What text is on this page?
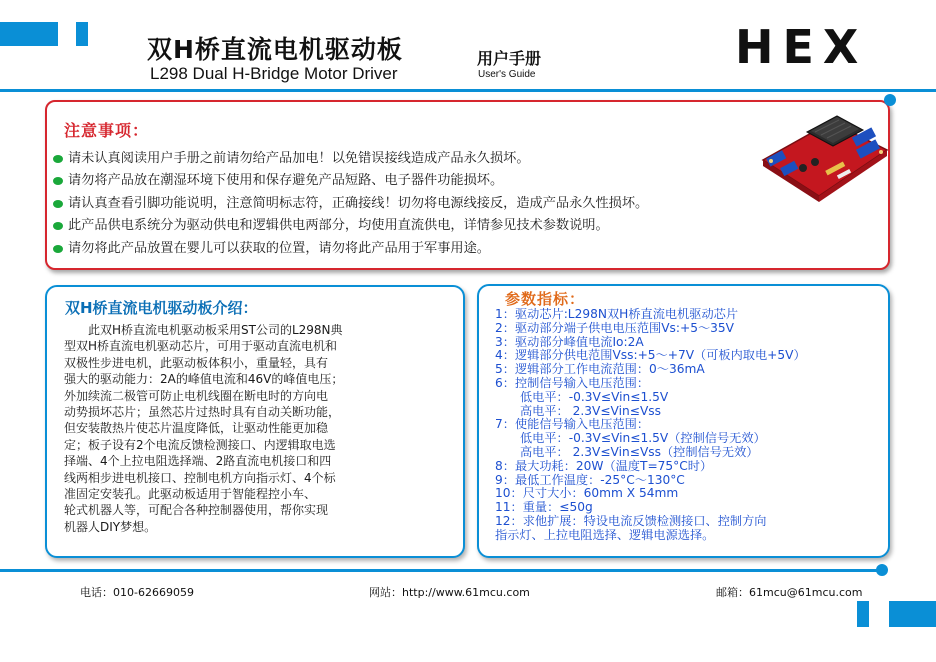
双H桥直流电机驱动板
L298 Dual H-Bridge Motor Driver
用户手册
User's Guide
HEX
注意事项：
请未认真阅读用户手册之前请勿给产品加电！以免错误接线造成产品永久损坏。
请勿将产品放在潮湿环境下使用和保存避免产品短路、电子器件功能损坏。
请认真查看引脚功能说明，注意简明标志符，正确接线！切勿将电源线接反，造成产品永久性损坏。
此产品供电系统分为驱动供电和逻辑供电两部分，均使用直流供电，详情参见技术参数说明。
请勿将此产品放置在婴儿可以获取的位置，请勿将此产品用于军事用途。
双H桥直流电机驱动板介绍：
　　此双H桥直流电机驱动板采用ST公司的L298N典
型双H桥直流电机驱动芯片，可用于驱动直流电机和
双极性步进电机，此驱动板体积小，重量轻，具有
强大的驱动能力：2A的峰值电流和46V的峰值电压；
外加续流二极管可防止电机线圈在断电时的方向电
动势损坏芯片；虽然芯片过热时具有自动关断功能，
但安装散热片使芯片温度降低，让驱动性能更加稳
定；板子设有2个电流反馈检测接口、内逻辑取电选
择端、4个上拉电阻选择端、2路直流电机接口和四
线两相步进电机接口、控制电机方向指示灯、4个标
准固定安装孔。此驱动板适用于智能程控小车、
轮式机器人等，可配合各种控制器使用，帮你实现
机器人DIY梦想。
参数指标：
1：驱动芯片:L298N双H桥直流电机驱动芯片
2：驱动部分端子供电电压范围Vs:+5～35V
3：驱动部分峰值电流Io:2A
4：逻辑部分供电范围Vss:+5～+7V（可板内取电+5V）
5：逻辑部分工作电流范围：0～36mA
6：控制信号输入电压范围：
低电平：-0.3V≤Vin≤1.5V
高电平： 2.3V≤Vin≤Vss
7：使能信号输入电压范围：
低电平：-0.3V≤Vin≤1.5V（控制信号无效）
高电平： 2.3V≤Vin≤Vss（控制信号无效）
8：最大功耗：20W（温度T=75°C时）
9：最低工作温度：-25°C～130°C
10：尺寸大小：60mm X 54mm
11：重量：≤50g
12：求他扩展：特设电流反馈检测接口、控制方向
指示灯、上拉电阻选择、逻辑电源选择。
电话：010-62669059	网站：http://www.61mcu.com	邮箱：61mcu@61mcu.com
